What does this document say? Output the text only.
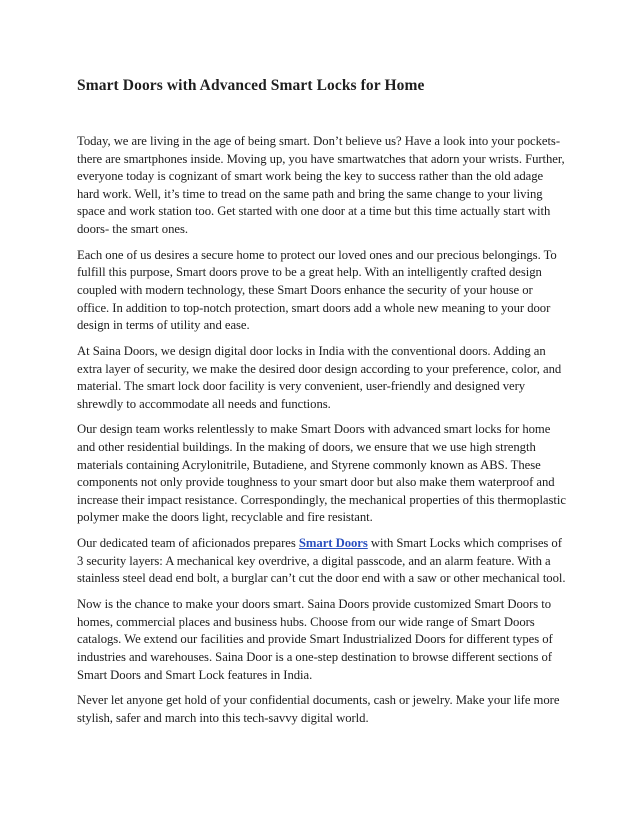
Smart Doors with Advanced Smart Locks for Home

Today, we are living in the age of being smart. Don’t believe us? Have a look into your pockets- there are smartphones inside. Moving up, you have smartwatches that adorn your wrists. Further, everyone today is cognizant of smart work being the key to success rather than the old adage hard work. Well, it’s time to tread on the same path and bring the same change to your living space and work station too. Get started with one door at a time but this time actually start with doors- the smart ones.

Each one of us desires a secure home to protect our loved ones and our precious belongings. To fulfill this purpose, Smart doors prove to be a great help. With an intelligently crafted design coupled with modern technology, these Smart Doors enhance the security of your house or office. In addition to top-notch protection, smart doors add a whole new meaning to your door design in terms of utility and ease.

At Saina Doors, we design digital door locks in India with the conventional doors. Adding an extra layer of security, we make the desired door design according to your preference, color, and material. The smart lock door facility is very convenient, user-friendly and designed very shrewdly to accommodate all needs and functions.

Our design team works relentlessly to make Smart Doors with advanced smart locks for home and other residential buildings. In the making of doors, we ensure that we use high strength materials containing Acrylonitrile, Butadiene, and Styrene commonly known as ABS. These components not only provide toughness to your smart door but also make them waterproof and increase their impact resistance. Correspondingly, the mechanical properties of this thermoplastic polymer make the doors light, recyclable and fire resistant.

Our dedicated team of aficionados prepares Smart Doors with Smart Locks which comprises of 3 security layers: A mechanical key overdrive, a digital passcode, and an alarm feature. With a stainless steel dead end bolt, a burglar can’t cut the door end with a saw or other mechanical tool.

Now is the chance to make your doors smart. Saina Doors provide customized Smart Doors to homes, commercial places and business hubs. Choose from our wide range of Smart Doors catalogs. We extend our facilities and provide Smart Industrialized Doors for different types of industries and warehouses. Saina Door is a one-step destination to browse different sections of Smart Doors and Smart Lock features in India.

Never let anyone get hold of your confidential documents, cash or jewelry. Make your life more stylish, safer and march into this tech-savvy digital world.
